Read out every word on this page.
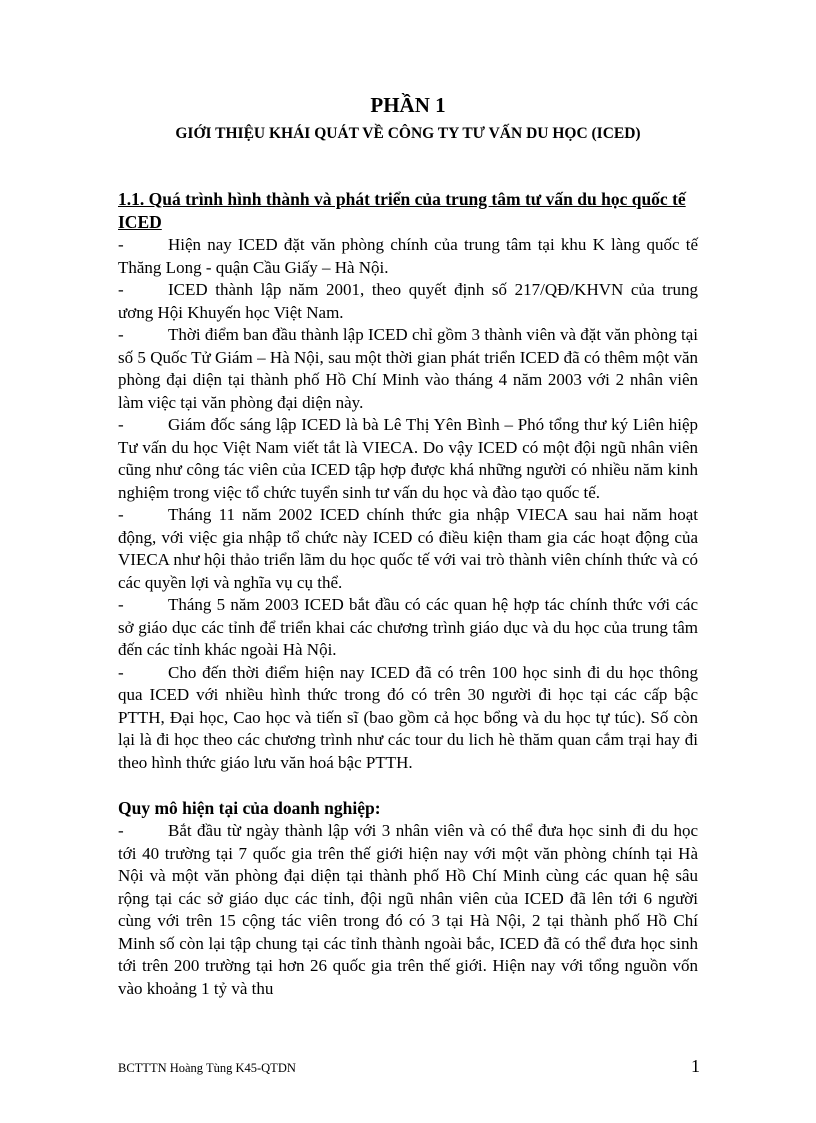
PHẦN 1
GIỚI THIỆU KHÁI QUÁT VỀ CÔNG TY TƯ VẤN DU HỌC (ICED)
1.1. Quá trình hình thành và phát triển của trung tâm tư vấn du học quốc tế ICED

-	Hiện nay ICED đặt văn phòng chính của trung tâm tại khu K làng quốc tế Thăng Long - quận Cầu Giấy – Hà Nội.

-	ICED thành lập năm 2001, theo quyết định số 217/QĐ/KHVN của trung ương Hội Khuyến học Việt Nam.

-	Thời điểm ban đầu thành lập ICED chỉ gồm 3 thành viên và đặt văn phòng tại số 5 Quốc Tử Giám – Hà Nội, sau một thời gian phát triển ICED đã có thêm một văn phòng đại diện tại thành phố Hồ Chí Minh vào tháng 4 năm 2003 với 2 nhân viên làm việc tại văn phòng đại diện này.

-	Giám đốc sáng lập ICED là bà Lê Thị Yên Bình – Phó tổng thư ký Liên hiệp Tư vấn du học Việt Nam viết tắt là VIECA. Do vậy ICED có một đội ngũ nhân viên cũng như công tác viên của ICED tập hợp được khá những người có nhiều năm kinh nghiệm trong việc tổ chức tuyển sinh tư vấn du học và đào tạo quốc tế.

-	Tháng 11 năm 2002 ICED chính thức gia nhập VIECA sau hai năm hoạt động, với việc gia nhập tổ chức này ICED có điều kiện tham gia các hoạt động của VIECA như hội thảo triển lãm du học quốc tế với vai trò thành viên chính thức và có các quyền lợi và nghĩa vụ cụ thể.

-	Tháng 5 năm 2003 ICED bắt đầu có các quan hệ hợp tác chính thức với các sở giáo dục các tỉnh để triển khai các chương trình giáo dục và du học của trung tâm đến các tỉnh khác ngoài Hà Nội.

-	Cho đến thời điểm hiện nay ICED đã có trên 100 học sinh đi du học thông qua ICED với nhiều hình thức trong đó có trên 30 người đi học tại các cấp bậc PTTH, Đại học, Cao học và tiến sĩ (bao gồm cả học bổng và du học tự túc). Số còn lại là đi học theo các chương trình như các tour du lich hè thăm quan cắm trại hay đi theo hình thức giáo lưu văn hoá bậc PTTH.

Quy mô hiện tại của doanh nghiệp:

-	Bắt đầu từ ngày thành lập với 3 nhân viên và có thể đưa học sinh đi du học tới 40 trường tại 7 quốc gia trên thế giới hiện nay với một văn phòng chính tại Hà Nội và một văn phòng đại diện tại thành phố Hồ Chí Minh cùng các quan hệ sâu rộng tại các sở giáo dục các tỉnh, đội ngũ nhân viên của ICED đã lên tới 6 người cùng với trên 15 cộng tác viên trong đó có 3 tại Hà Nội, 2 tại thành phố Hồ Chí Minh số còn lại tập chung tại các tỉnh thành ngoài bắc, ICED đã có thể đưa học sinh tới trên 200 trường tại hơn 26 quốc gia trên thế giới. Hiện nay với tổng nguồn vốn vào khoảng 1 tỷ và thu

BCTTTN Hoàng Tùng K45-QTDN	1
